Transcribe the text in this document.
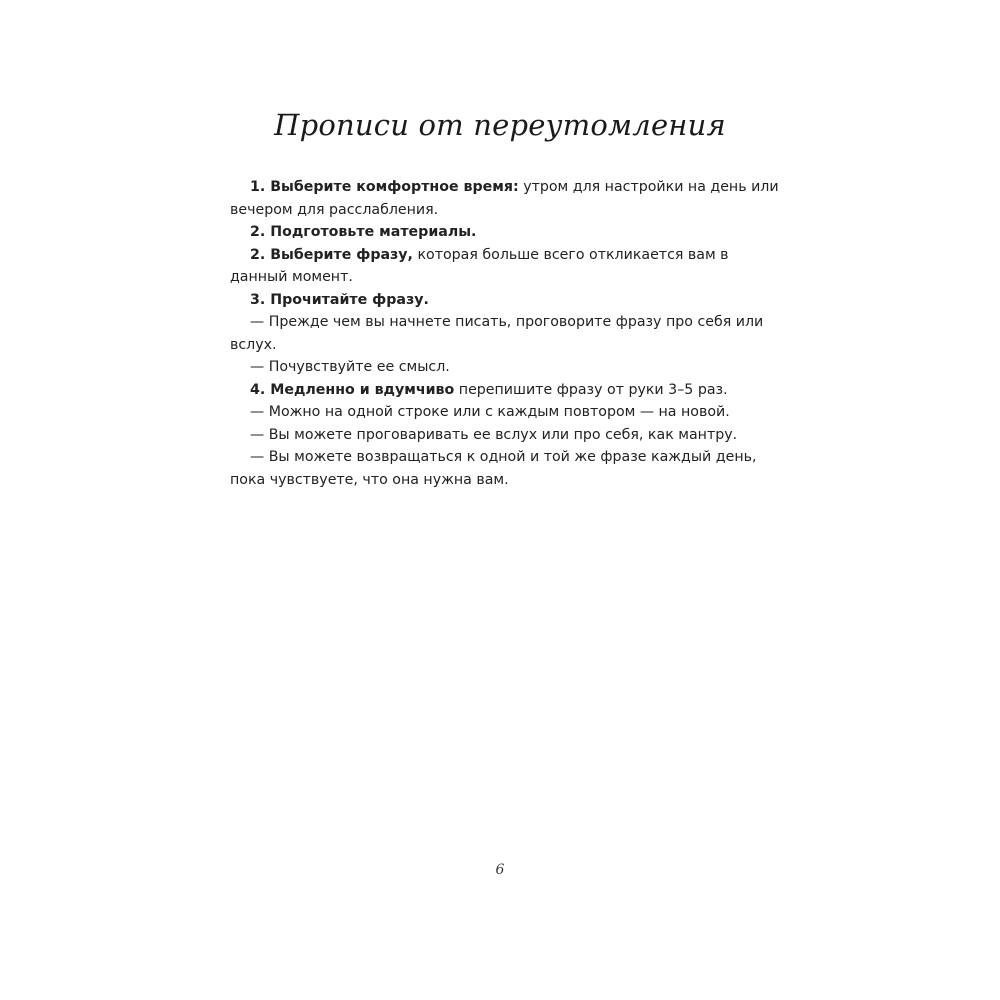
Прописи от переутомления

1. Выберите комфортное время: утром для настройки на день или вечером для расслабления.

2. Подготовьте материалы.

2. Выберите фразу, которая больше всего откликается вам в данный момент.

3. Прочитайте фразу.

— Прежде чем вы начнете писать, проговорите фразу про себя или вслух.

— Почувствуйте ее смысл.

4. Медленно и вдумчиво перепишите фразу от руки 3–5 раз.

— Можно на одной строке или с каждым повтором — на новой.

— Вы можете проговаривать ее вслух или про себя, как мантру.

— Вы можете возвращаться к одной и той же фразе каждый день, пока чувствуете, что она нужна вам.

6
